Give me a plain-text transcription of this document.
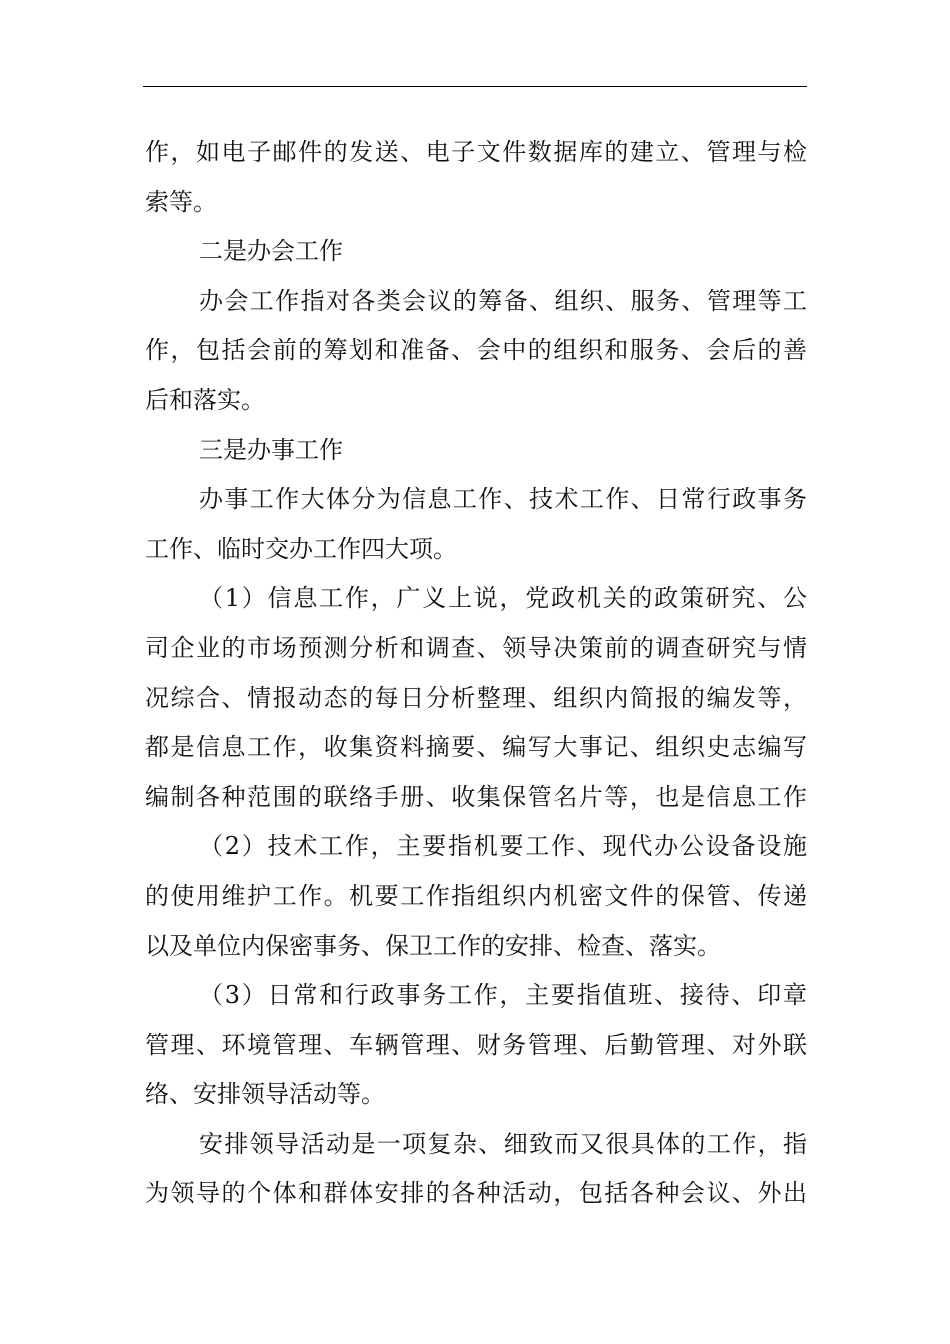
作，如电子邮件的发送、电子文件数据库的建立、管理与检
索等。
二是办会工作
办会工作指对各类会议的筹备、组织、服务、管理等工
作，包括会前的筹划和准备、会中的组织和服务、会后的善
后和落实。
三是办事工作
办事工作大体分为信息工作、技术工作、日常行政事务
工作、临时交办工作四大项。
（1）信息工作，广义上说，党政机关的政策研究、公
司企业的市场预测分析和调查、领导决策前的调查研究与情
况综合、情报动态的每日分析整理、组织内简报的编发等，
都是信息工作，收集资料摘要、编写大事记、组织史志编写
编制各种范围的联络手册、收集保管名片等，也是信息工作
（2）技术工作，主要指机要工作、现代办公设备设施
的使用维护工作。机要工作指组织内机密文件的保管、传递
以及单位内保密事务、保卫工作的安排、检查、落实。
（3）日常和行政事务工作，主要指值班、接待、印章
管理、环境管理、车辆管理、财务管理、后勤管理、对外联
络、安排领导活动等。
安排领导活动是一项复杂、细致而又很具体的工作，指
为领导的个体和群体安排的各种活动，包括各种会议、外出
